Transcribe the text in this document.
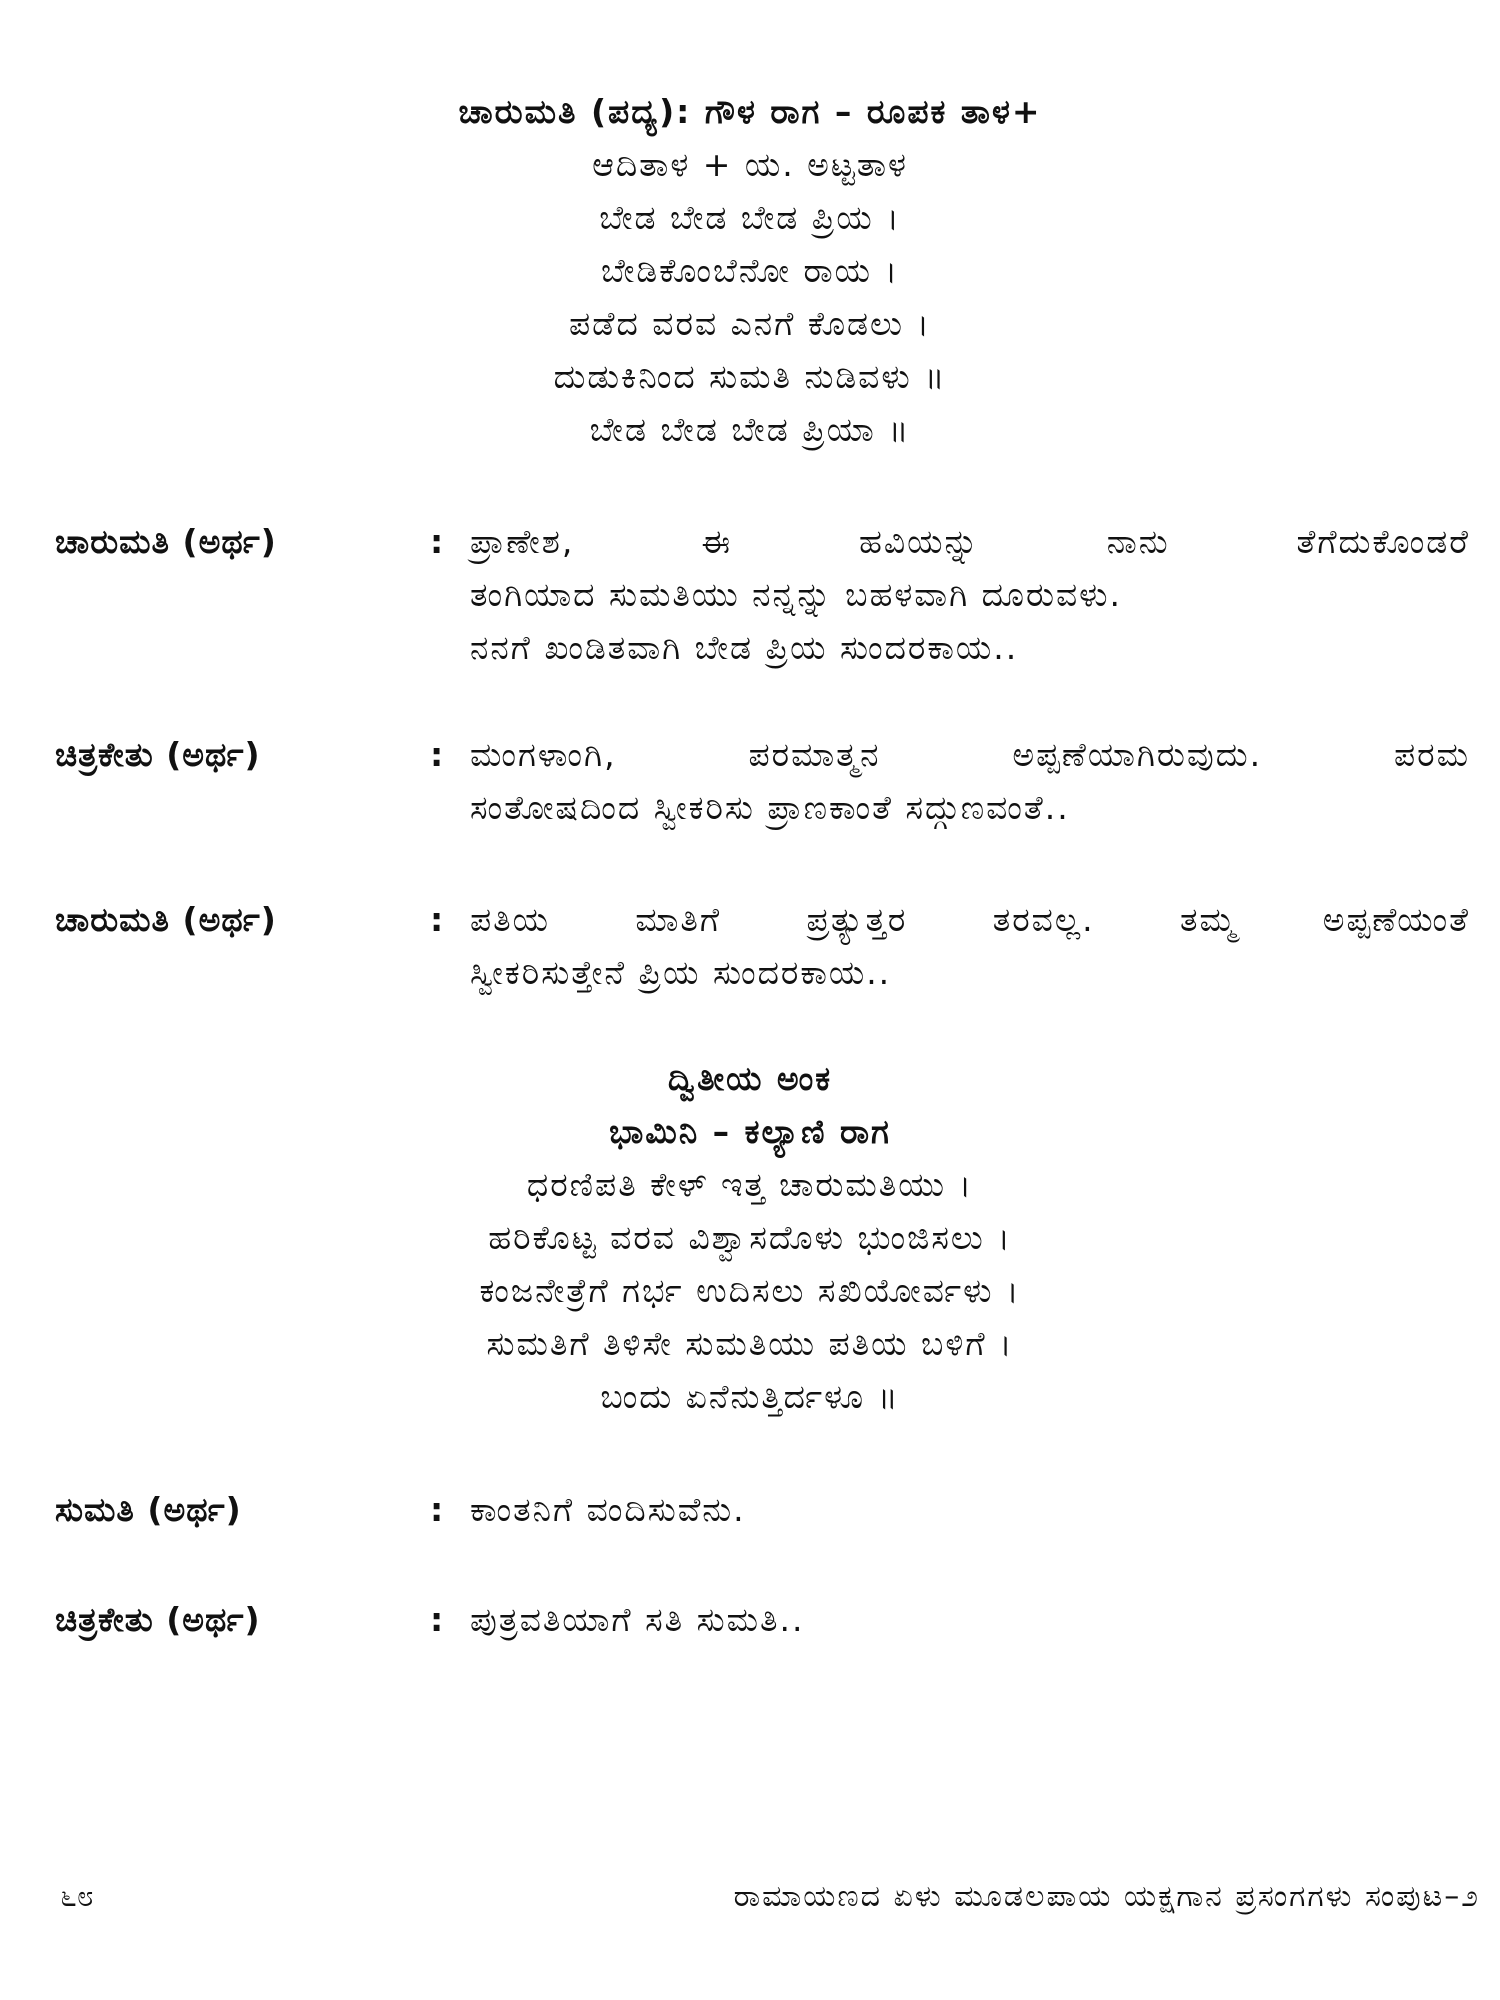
ಚಾರುಮತಿ (ಪದ್ಯ): ಗೌಳ ರಾಗ – ರೂಪಕ ತಾಳ+
ಆದಿತಾಳ + ಯ. ಅಟ್ಟತಾಳ
ಬೇಡ ಬೇಡ ಬೇಡ ಪ್ರಿಯ ।
ಬೇಡಿಕೊಂಬೆನೋ ರಾಯ ।
ಪಡೆದ ವರವ ಎನಗೆ ಕೊಡಲು ।
ದುಡುಕಿನಿಂದ ಸುಮತಿ ನುಡಿವಳು ॥
ಬೇಡ ಬೇಡ ಬೇಡ ಪ್ರಿಯಾ ॥
ಚಾರುಮತಿ (ಅರ್ಥ)	: ಪ್ರಾಣೇಶ, ಈ ಹವಿಯನ್ನು ನಾನು ತೆಗೆದುಕೊಂಡರೆ
ತಂಗಿಯಾದ ಸುಮತಿಯು ನನ್ನನ್ನು ಬಹಳವಾಗಿ ದೂರುವಳು.
ನನಗೆ ಖಂಡಿತವಾಗಿ ಬೇಡ ಪ್ರಿಯ ಸುಂದರಕಾಯ..
ಚಿತ್ರಕೇತು (ಅರ್ಥ)	: ಮಂಗಳಾಂಗಿ, ಪರಮಾತ್ಮನ ಅಪ್ಪಣೆಯಾಗಿರುವುದು. ಪರಮ
ಸಂತೋಷದಿಂದ ಸ್ವೀಕರಿಸು ಪ್ರಾಣಕಾಂತೆ ಸದ್ಗುಣವಂತೆ..
ಚಾರುಮತಿ (ಅರ್ಥ)	: ಪತಿಯ ಮಾತಿಗೆ ಪ್ರತ್ಯುತ್ತರ ತರವಲ್ಲ. ತಮ್ಮ ಅಪ್ಪಣೆಯಂತೆ
ಸ್ವೀಕರಿಸುತ್ತೇನೆ ಪ್ರಿಯ ಸುಂದರಕಾಯ..
ದ್ವಿತೀಯ ಅಂಕ
ಭಾಮಿನಿ – ಕಲ್ಯಾಣಿ ರಾಗ
ಧರಣಿಪತಿ ಕೇಳ್ ಇತ್ತ ಚಾರುಮತಿಯು ।
ಹರಿಕೊಟ್ಟ ವರವ ವಿಶ್ವಾಸದೊಳು ಭುಂಜಿಸಲು ।
ಕಂಜನೇತ್ರೆಗೆ ಗರ್ಭ ಉದಿಸಲು ಸಖಿಯೋರ್ವಳು ।
ಸುಮತಿಗೆ ತಿಳಿಸೇ ಸುಮತಿಯು ಪತಿಯ ಬಳಿಗೆ ।
ಬಂದು ಏನೆನುತ್ತಿರ್ದಳೂ ॥
ಸುಮತಿ (ಅರ್ಥ)	: ಕಾಂತನಿಗೆ ವಂದಿಸುವೆನು.
ಚಿತ್ರಕೇತು (ಅರ್ಥ)	: ಪುತ್ರವತಿಯಾಗೆ ಸತಿ ಸುಮತಿ..
೬೮	ರಾಮಾಯಣದ ಏಳು ಮೂಡಲಪಾಯ ಯಕ್ಷಗಾನ ಪ್ರಸಂಗಗಳು ಸಂಪುಟ–೨
